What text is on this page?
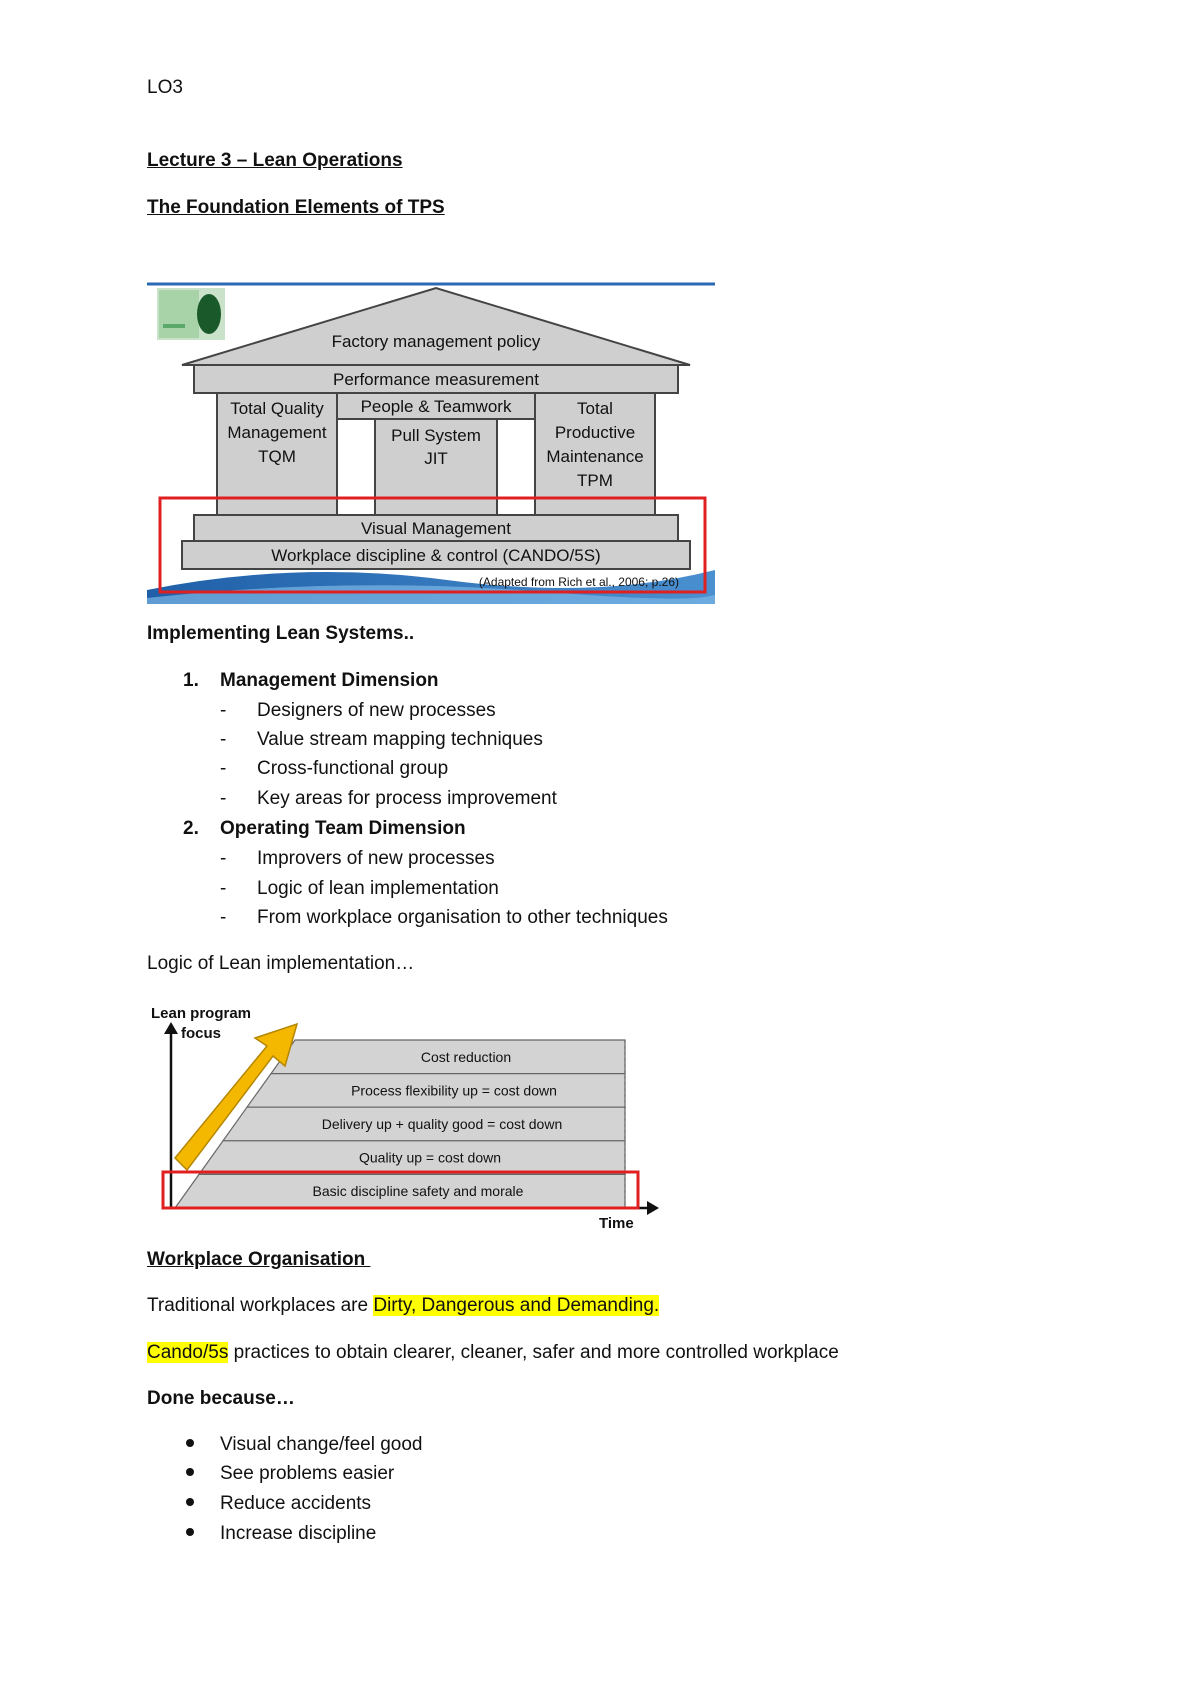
LO3
Lecture 3 – Lean Operations
The Foundation Elements of TPS
Factory management policy
Performance measurement
Total Quality
Management
TQM
People & Teamwork
Pull System
JIT
Total
Productive
Maintenance
TPM
Visual Management
Workplace discipline & control (CANDO/5S)
(Adapted from Rich et al., 2006; p.26)
Implementing Lean Systems..
1. Management Dimension
- Designers of new processes
- Value stream mapping techniques
- Cross-functional group
- Key areas for process improvement
2. Operating Team Dimension
- Improvers of new processes
- Logic of lean implementation
- From workplace organisation to other techniques
Logic of Lean implementation…
Lean program
focus
Time
Cost reduction
Process flexibility up = cost down
Delivery up + quality good = cost down
Quality up = cost down
Basic discipline safety and morale
Workplace Organisation
Traditional workplaces are Dirty, Dangerous and Demanding.
Cando/5s practices to obtain clearer, cleaner, safer and more controlled workplace
Done because…
Visual change/feel good
See problems easier
Reduce accidents
Increase discipline
